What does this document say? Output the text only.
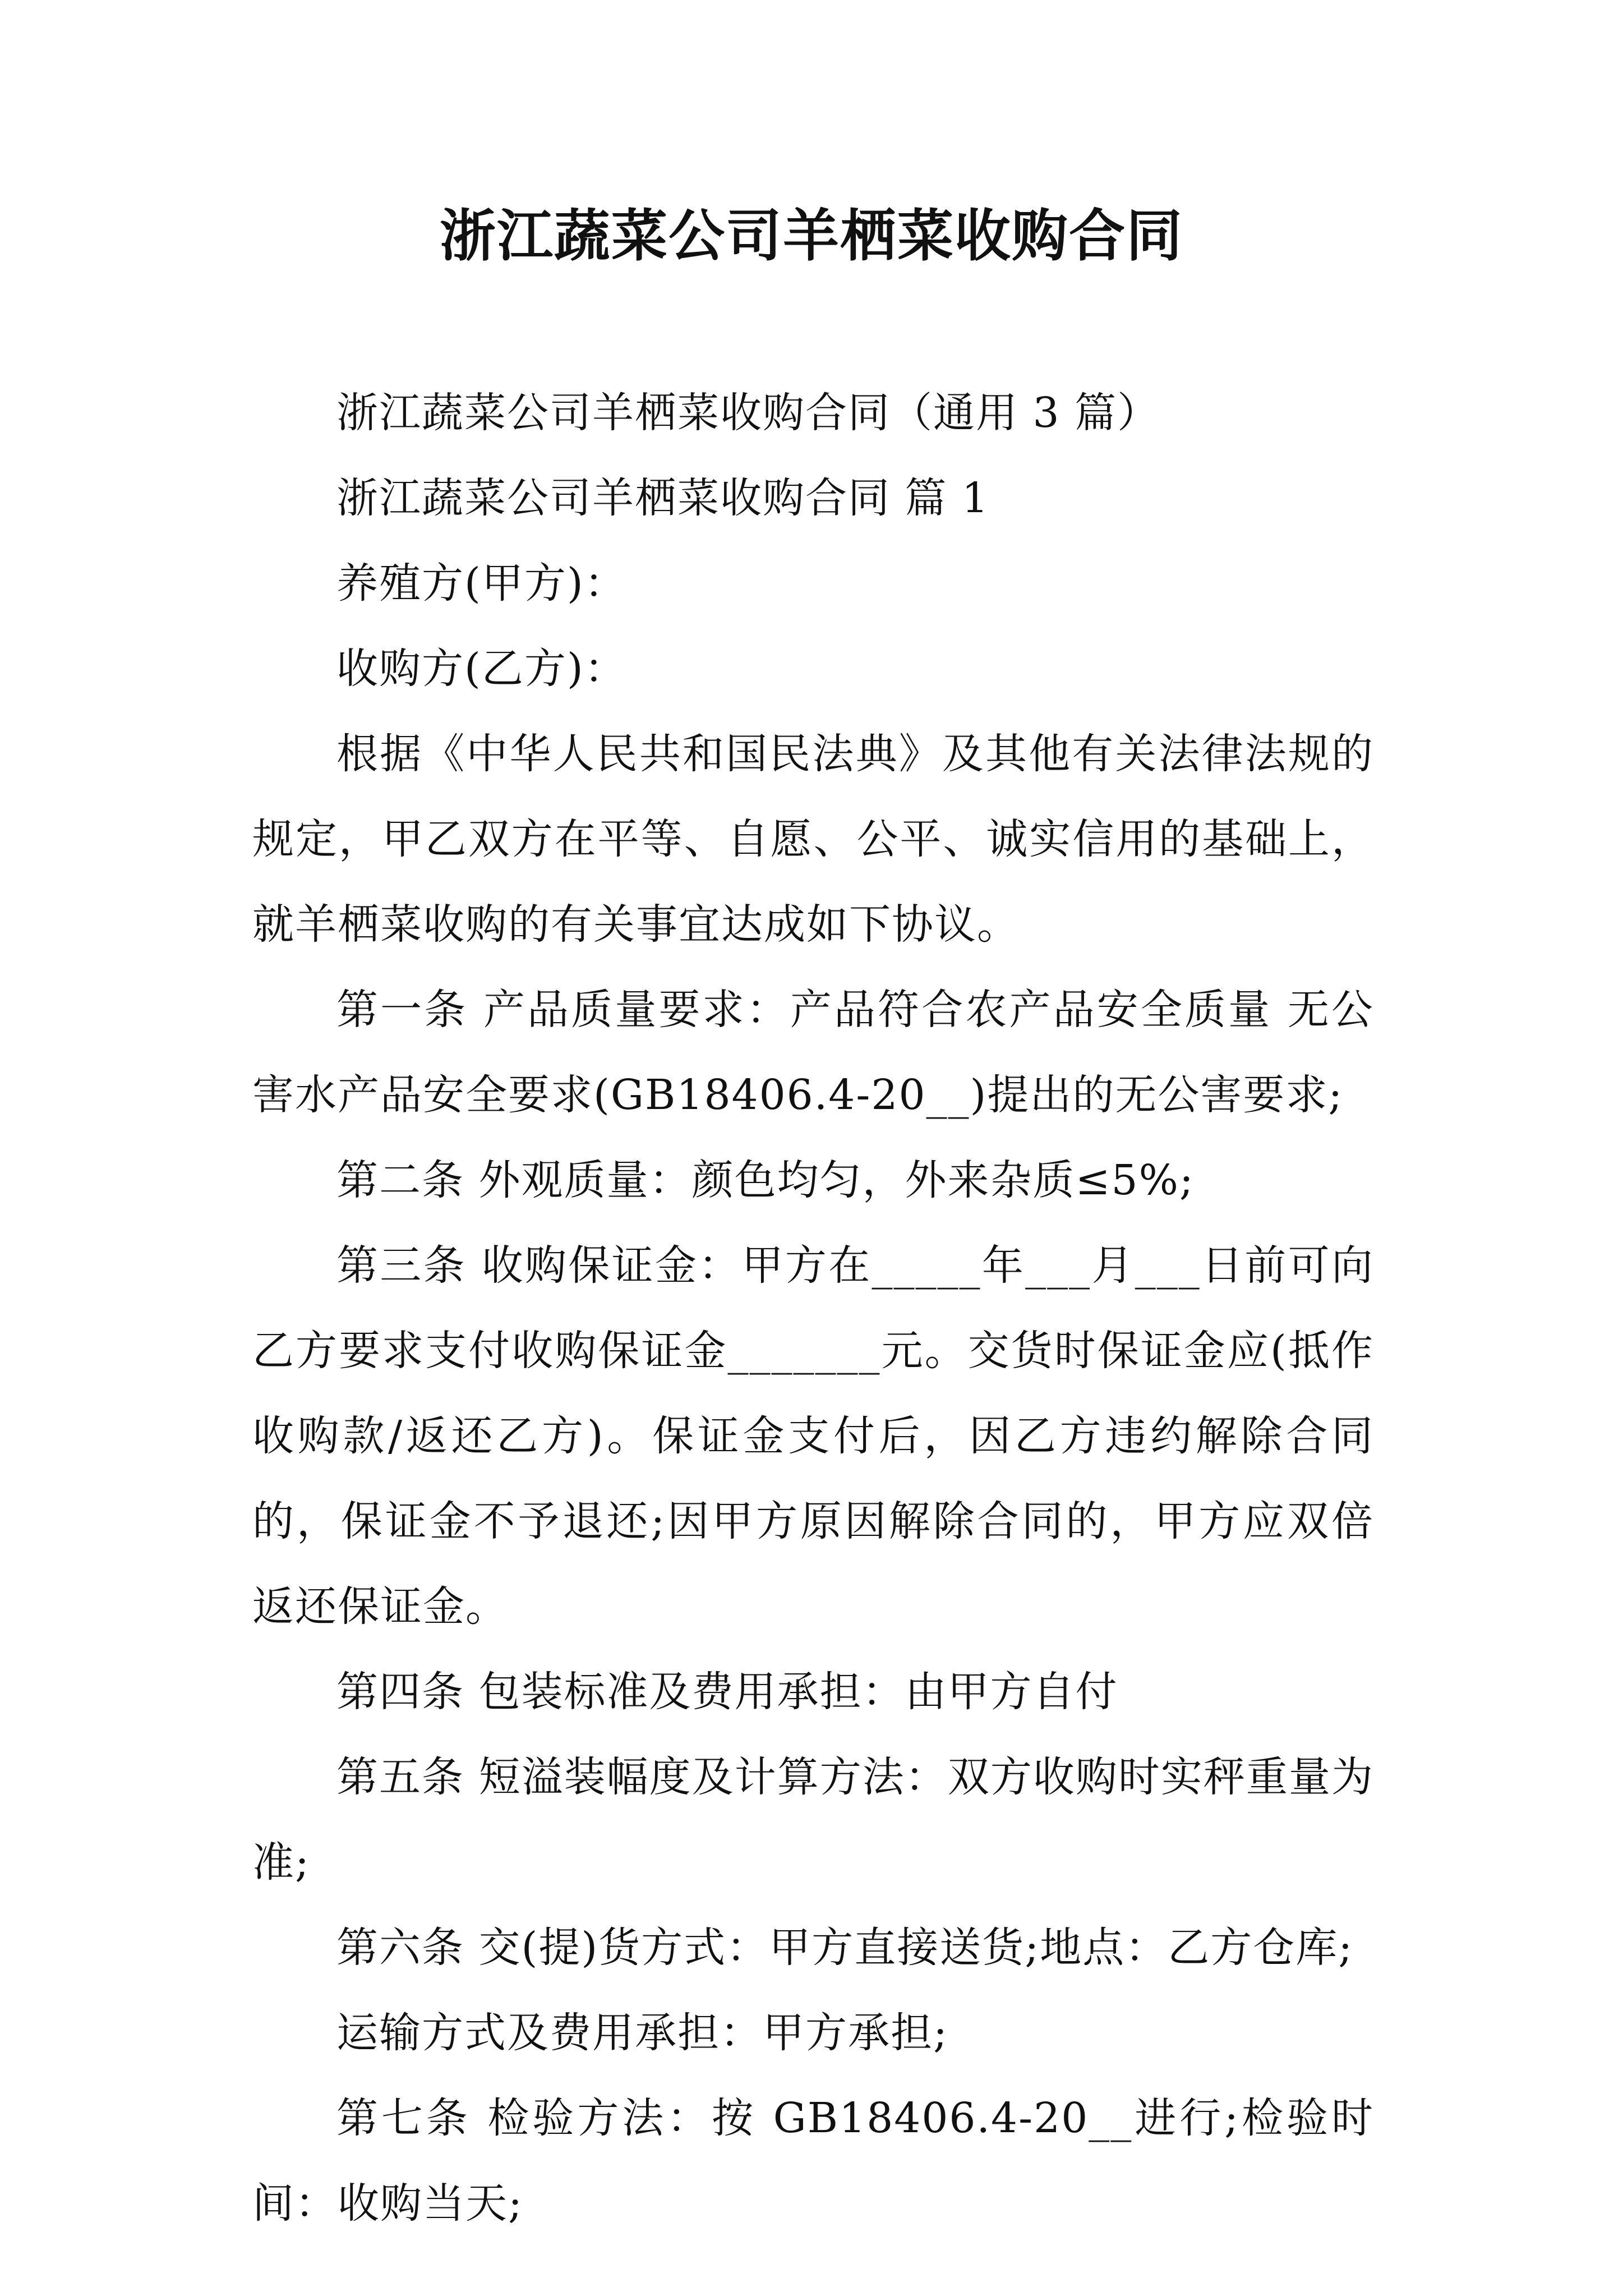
浙江蔬菜公司羊栖菜收购合同

浙江蔬菜公司羊栖菜收购合同（通用 3 篇）

浙江蔬菜公司羊栖菜收购合同 篇 1

养殖方(甲方)：

收购方(乙方)：

根据《中华人民共和国民法典》及其他有关法律法规的规定，甲乙双方在平等、自愿、公平、诚实信用的基础上，就羊栖菜收购的有关事宜达成如下协议。

第一条 产品质量要求：产品符合农产品安全质量 无公害水产品安全要求(GB18406.4-20__)提出的无公害要求;

第二条 外观质量：颜色均匀，外来杂质≤5%;

第三条 收购保证金：甲方在_____年___月___日前可向乙方要求支付收购保证金_______元。交货时保证金应(抵作收购款/返还乙方)。保证金支付后，因乙方违约解除合同的，保证金不予退还;因甲方原因解除合同的，甲方应双倍返还保证金。

第四条 包装标准及费用承担：由甲方自付

第五条 短溢装幅度及计算方法：双方收购时实秤重量为准;

第六条 交(提)货方式：甲方直接送货;地点：乙方仓库;

运输方式及费用承担：甲方承担;

第七条 检验方法：按 GB18406.4-20__进行;检验时间：收购当天;
